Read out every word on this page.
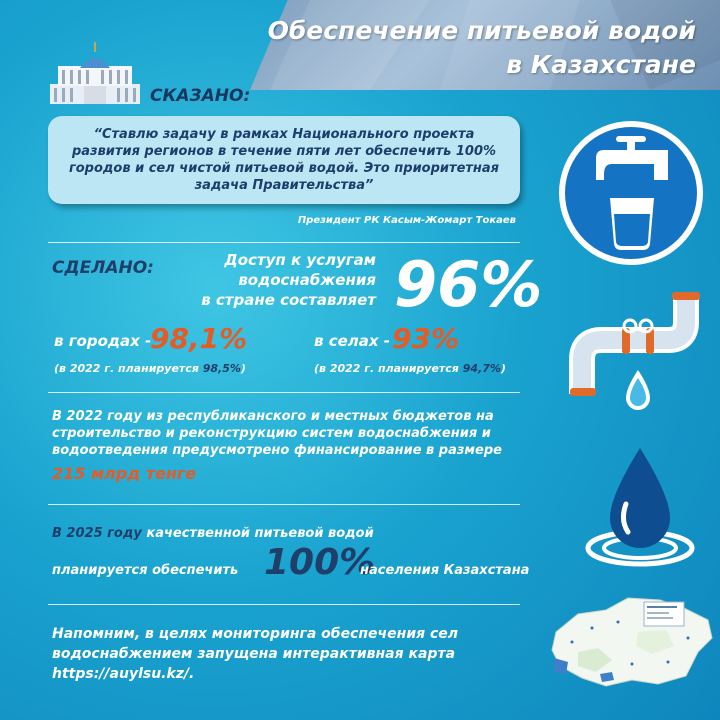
Обеспечение питьевой водой
в Казахстане
СКАЗАНО:
“Ставлю задачу в рамках Национального проекта развития регионов в течение пяти лет обеспечить 100% городов и сел чистой питьевой водой. Это приоритетная задача Правительства”
Президент РК Касым-Жомарт Токаев
СДЕЛАНО:	Доступ к услугам
водоснабжения
в стране составляет 96%
в городах -
98,1%
(в 2022 г. планируется 98,5%)
в селах - 93%
(в 2022 г. планируется 94,7%)
В 2022 году из республиканского и местных бюджетов на строительство и реконструкцию систем водоснабжения и водоотведения предусмотрено финансирование в размере
215 млрд тенге
В 2025 году качественной питьевой водой
планируется обеспечить 100%
населения Казахстана
Напомним, в целях мониторинга обеспечения сел
водоснабжением запущена интерактивная карта
https://auylsu.kz/.
